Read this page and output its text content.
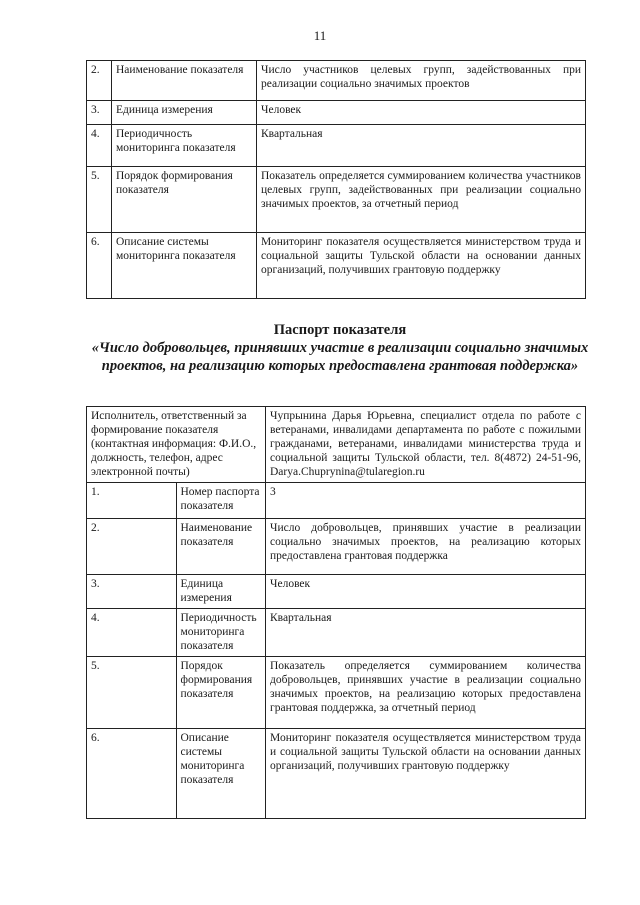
11
2.	Наименование показателя	Число участников целевых групп, задействованных при реализации социально значимых проектов
3.	Единица измерения	Человек
4.	Периодичность мониторинга показателя	Квартальная
5.	Порядок формирования показателя	Показатель определяется суммированием количества участников целевых групп, задействованных при реализации социально значимых проектов, за отчетный период
6.	Описание системы мониторинга показателя	Мониторинг показателя осуществляется министерством труда и социальной защиты Тульской области на основании данных организаций, получивших грантовую поддержку
Паспорт показателя
«Число добровольцев, принявших участие в реализации социально значимых проектов, на реализацию которых предоставлена грантовая поддержка»
Исполнитель, ответственный за формирование показателя (контактная информация: Ф.И.О., должность, телефон, адрес электронной почты)		Чупрынина Дарья Юрьевна, специалист отдела по работе с ветеранами, инвалидами департамента по работе с пожилыми гражданами, ветеранами, инвалидами министерства труда и социальной защиты Тульской области, тел. 8(4872) 24-51-96, Darya.Chuprynina@tularegion.ru
1.	Номер паспорта показателя	3
2.	Наименование показателя	Число добровольцев, принявших участие в реализации социально значимых проектов, на реализацию которых предоставлена грантовая поддержка
3.	Единица измерения	Человек
4.	Периодичность мониторинга показателя	Квартальная
5.	Порядок формирования показателя	Показатель определяется суммированием количества добровольцев, принявших участие в реализации социально значимых проектов, на реализацию которых предоставлена грантовая поддержка, за отчетный период
6.	Описание системы мониторинга показателя	Мониторинг показателя осуществляется министерством труда и социальной защиты Тульской области на основании данных организаций, получивших грантовую поддержку
